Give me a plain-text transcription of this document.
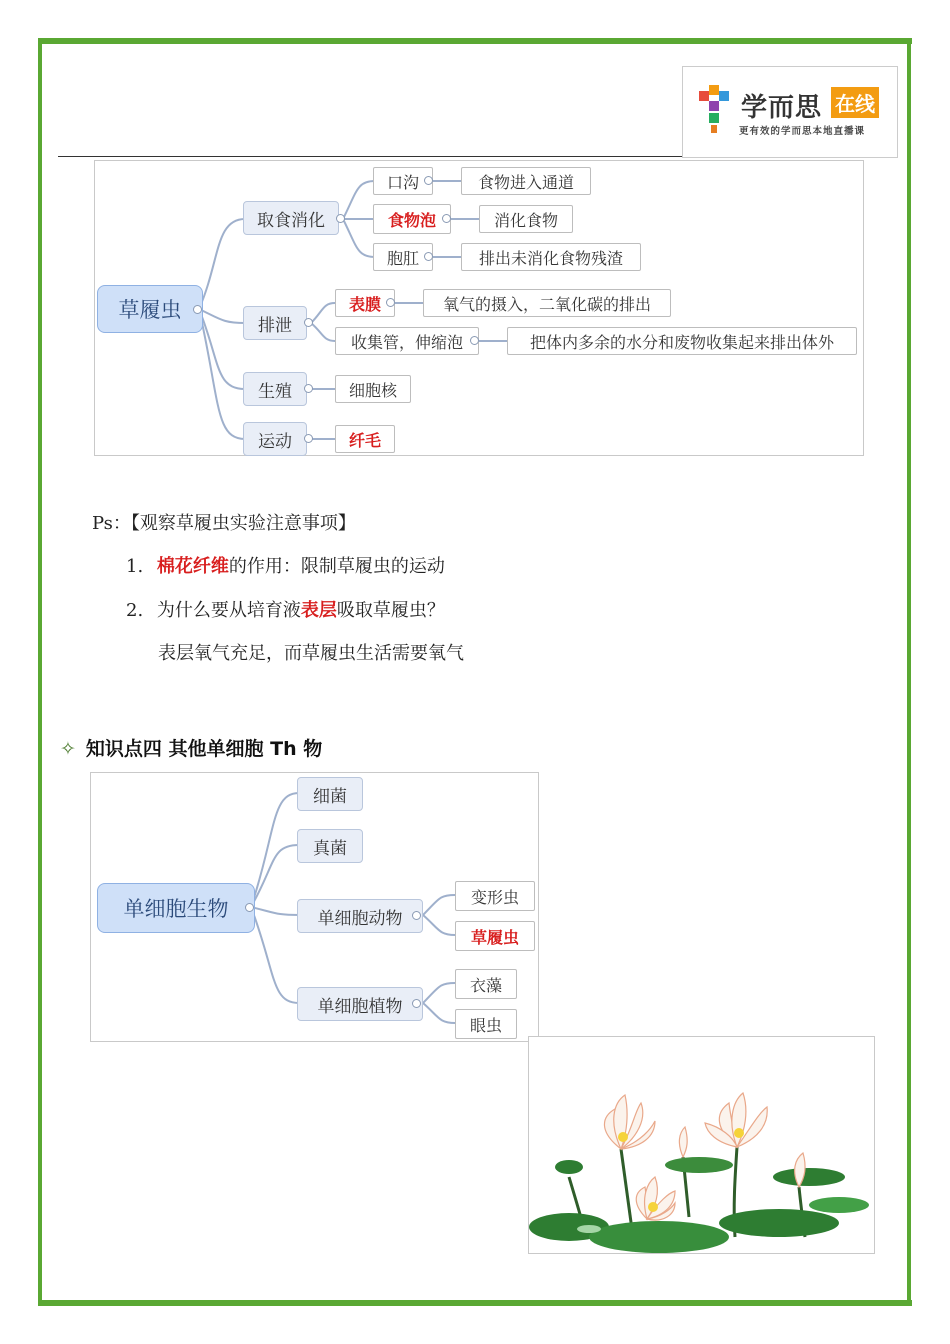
学而思 在线
更有效的学而思本地直播课
草履虫
取食消化
排泄
生殖
运动
口沟
食物泡
胞肛
食物进入通道
消化食物
排出未消化食物残渣
表膜	氧气的摄入，二氧化碳的排出
收集管，伸缩泡	把体内多余的水分和废物收集起来排出体外
细胞核
纤毛
Ps：【观察草履虫实验注意事项】
1. 棉花纤维的作用：限制草履虫的运动
2. 为什么要从培育液表层吸取草履虫？
表层氧气充足，而草履虫生活需要氧气
✧ 知识点四 其他单细胞 Th 物
单细胞生物
细菌
真菌
单细胞动物
单细胞植物
变形虫
草履虫
衣藻
眼虫
